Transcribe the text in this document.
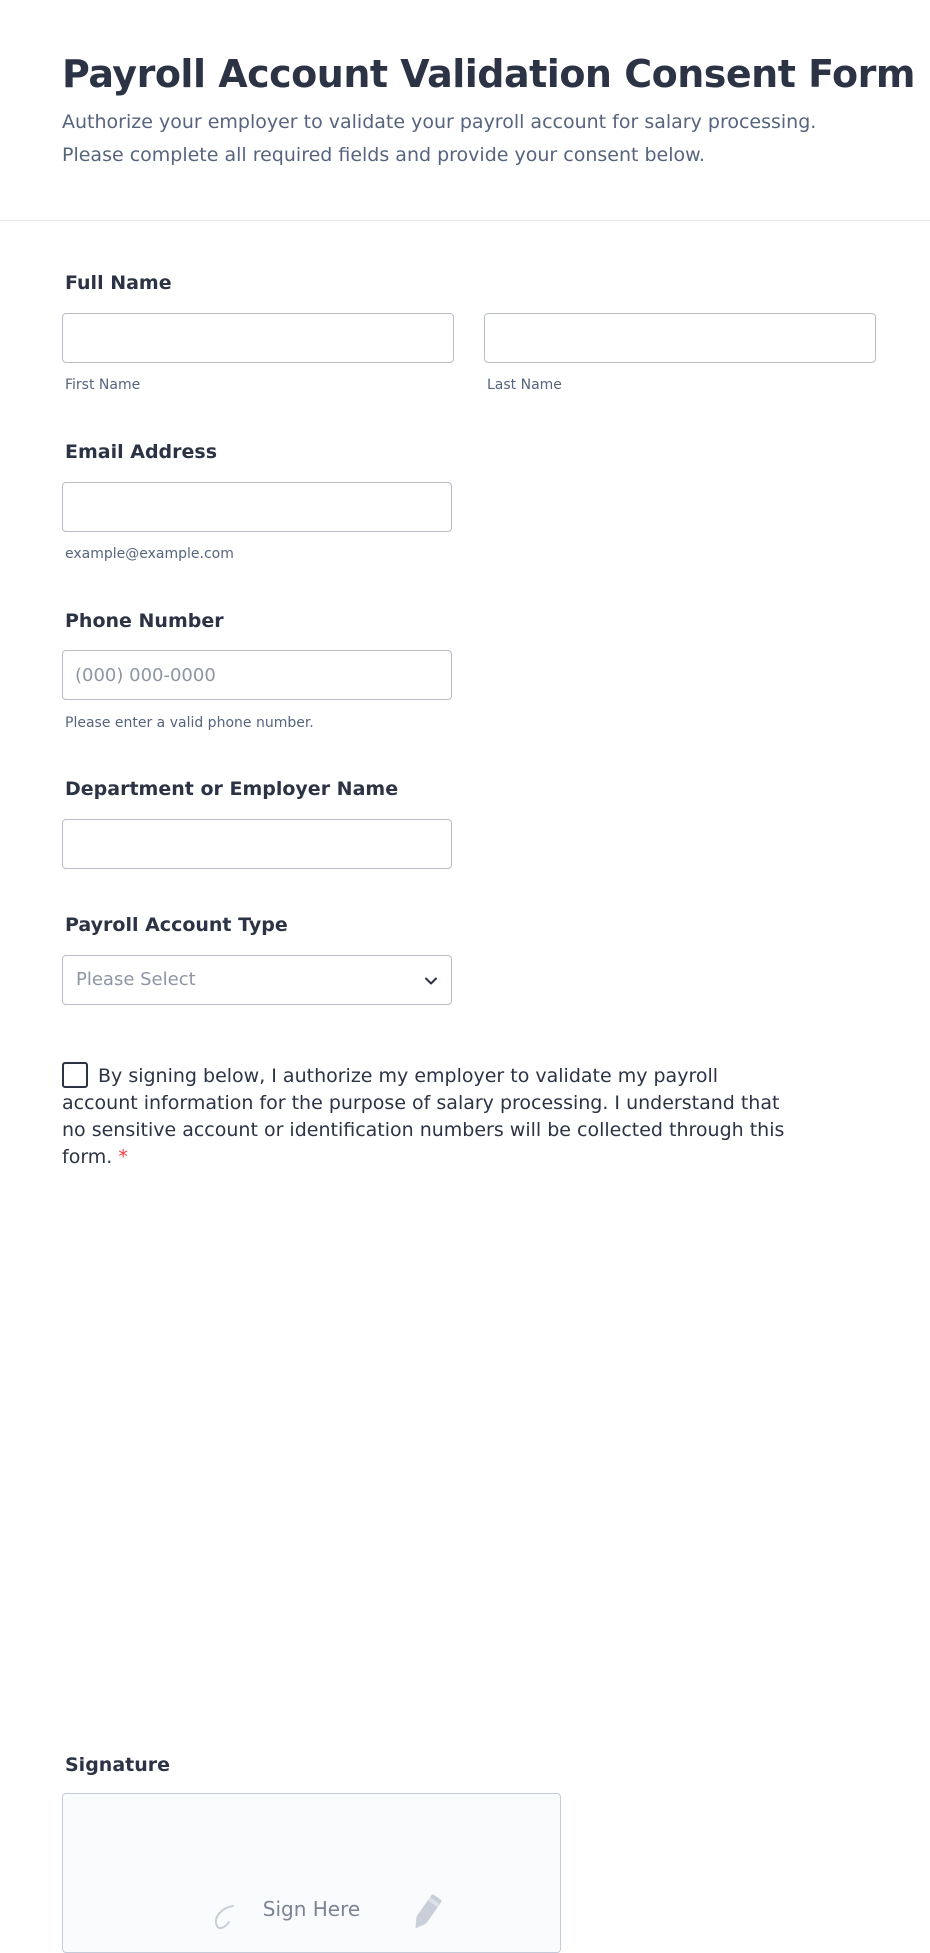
Payroll Account Validation Consent Form
Authorize your employer to validate your payroll account for salary processing. Please complete all required fields and provide your consent below.
Full Name
First Name	Last Name
Email Address
example@example.com
Phone Number
(000) 000-0000
Please enter a valid phone number.
Department or Employer Name
Payroll Account Type
Please Select
By signing below, I authorize my employer to validate my payroll account information for the purpose of salary processing. I understand that no sensitive account or identification numbers will be collected through this form. *
Signature
Sign Here
